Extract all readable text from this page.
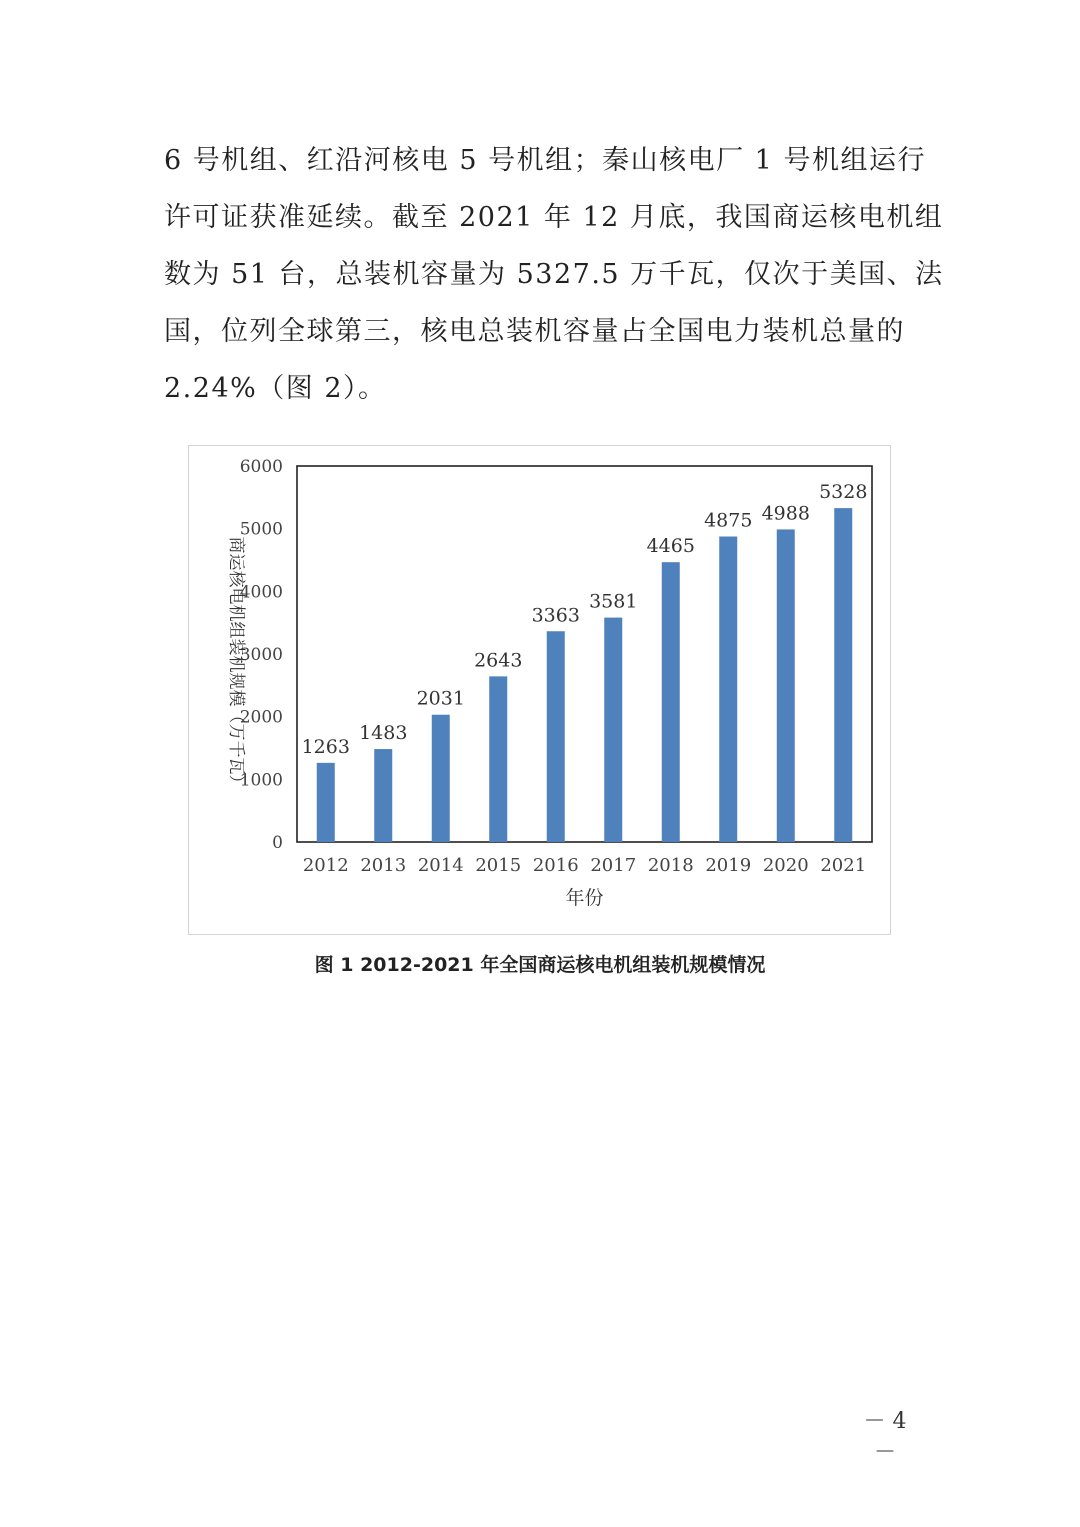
6 号机组、红沿河核电 5 号机组；秦山核电厂 1 号机组运行
许可证获准延续。截至 2021 年 12 月底，我国商运核电机组
数为 51 台，总装机容量为 5327.5 万千瓦，仅次于美国、法
国，位列全球第三，核电总装机容量占全国电力装机总量的
2.24%（图 2）。
0
1000
2000
3000
4000
5000
6000
1263
2012
1483
2013
2031
2014
2643
2015
3363
2016
3581
2017
4465
2018
4875
2019
4988
2020
5328
2021
年份
商运核电机组装机规模（万千瓦）
图 1 2012-2021 年全国商运核电机组装机规模情况
－ 4 －
